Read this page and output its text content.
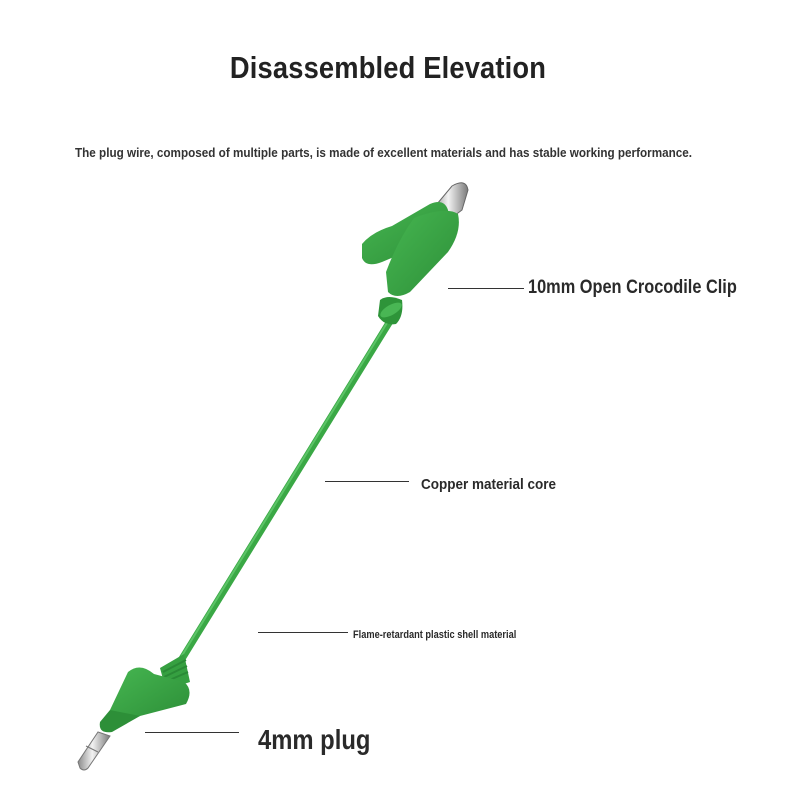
Disassembled Elevation
The plug wire, composed of multiple parts, is made of excellent materials and has stable working performance.
10mm Open Crocodile Clip
Copper material core
Flame-retardant plastic shell material
4mm plug
